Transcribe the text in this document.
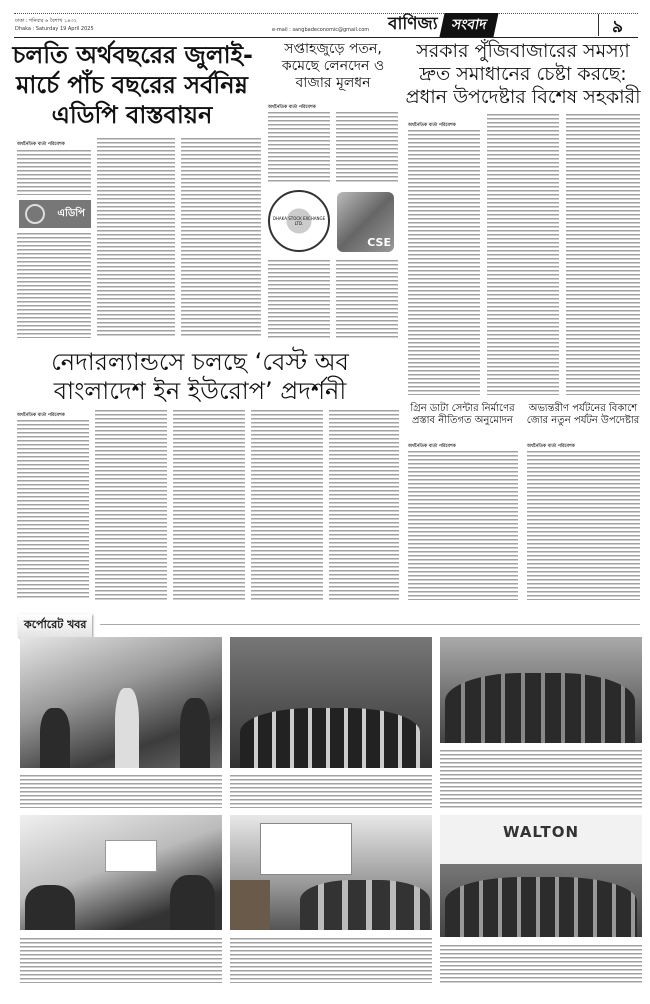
ঢাকা : শনিবার ৬ বৈশাখ ১৪৩২
Dhaka : Saturday 19 April 2025	e-mail : sangbadeconomic@gmail.com বাণিজ্য সংবাদ	৯
চলতি অর্থবছরের জুলাই-
মার্চে পাঁচ বছরের সর্বনিম্ন
এডিপি বাস্তবায়ন
অর্থনৈতিক বার্তা পরিবেশক
এডিপি
সপ্তাহজুড়ে পতন, কমেছে লেনদেন ও বাজার মূলধন
অর্থনৈতিক বার্তা পরিবেশক
DHAKA STOCK EXCHANGE LTD.
CSE
সরকার পুঁজিবাজারের সমস্যা
দ্রুত সমাধানের চেষ্টা করছে:
প্রধান উপদেষ্টার বিশেষ সহকারী
অর্থনৈতিক বার্তা পরিবেশক
নেদারল্যান্ডসে চলছে ‘বেস্ট অব
বাংলাদেশ ইন ইউরোপ’ প্রদর্শনী
অর্থনৈতিক বার্তা পরিবেশক
গ্রিন ডাটা সেন্টার নির্মাণের প্রস্তাব নীতিগত অনুমোদন
অর্থনৈতিক বার্তা পরিবেশক
অভ্যন্তরীণ পর্যটনের বিকাশে জোর নতুন পর্যটন উপদেষ্টার
অর্থনৈতিক বার্তা পরিবেশক
কর্পোরেট খবর
WALTON
